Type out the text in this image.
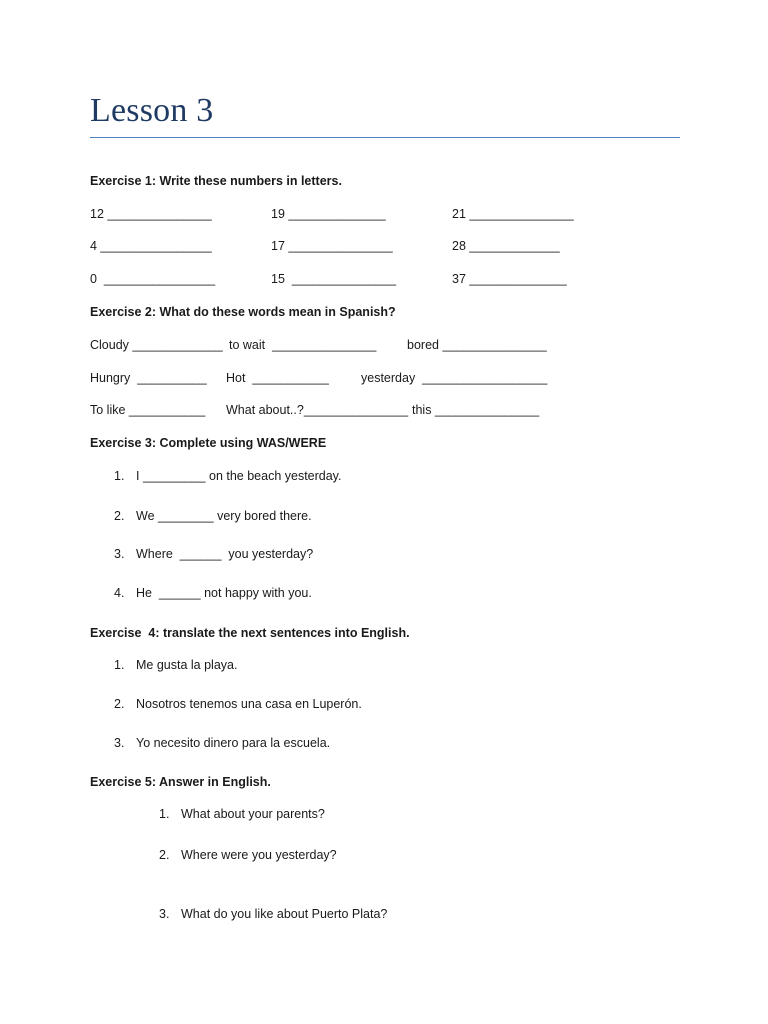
Lesson 3
Exercise 1: Write these numbers in letters.
12 _______________	19 ______________	21 _______________
4 ________________	17 _______________	28 _____________
0  ________________	15  _______________	37 ______________
Exercise 2: What do these words mean in Spanish?
Cloudy _____________ to wait  _______________ bored _______________
Hungry  __________ Hot  ___________	yesterday  __________________
To like ___________ What about..?_______________ this _______________
Exercise 3: Complete using WAS/WERE
1. I _________ on the beach yesterday.
2. We ________ very bored there.
3. Where  ______  you yesterday?
4. He  ______ not happy with you.
Exercise  4: translate the next sentences into English.
1. Me gusta la playa.
2. Nosotros tenemos una casa en Luperón.
3. Yo necesito dinero para la escuela.
Exercise 5: Answer in English.
1. What about your parents?
2. Where were you yesterday?
3. What do you like about Puerto Plata?
